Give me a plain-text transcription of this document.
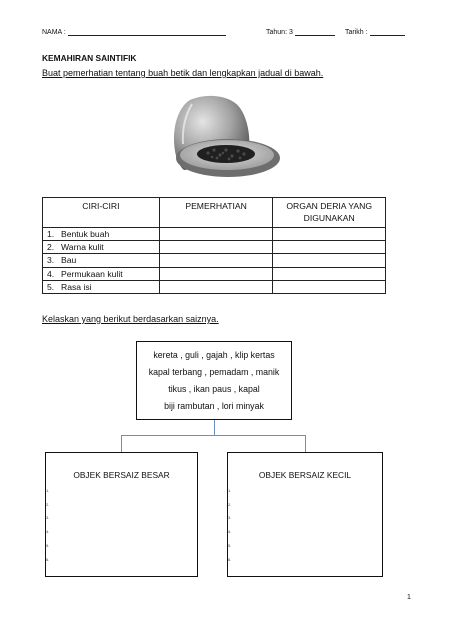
NAMA :	Tahun: 3	Tarikh :
KEMAHIRAN SAINTIFIK
Buat pemerhatian tentang buah betik dan lengkapkan jadual di bawah.
CIRI-CIRI	PEMERHATIAN	ORGAN DERIA YANG DIGUNAKAN
1. Bentuk buah		
2. Warna kulit		
3. Bau		
4. Permukaan kulit		
5. Rasa isi		
Kelaskan yang berikut berdasarkan saiznya.
kereta , guli , gajah , klip kertas
kapal terbang , pemadam , manik
tikus , ikan paus , kapal
biji rambutan , lori minyak
OBJEK BERSAIZ BESAR
1.
2.
3.
4.
5.
6.
OBJEK BERSAIZ KECIL
1.
2.
3.
4.
5.
6.
1
